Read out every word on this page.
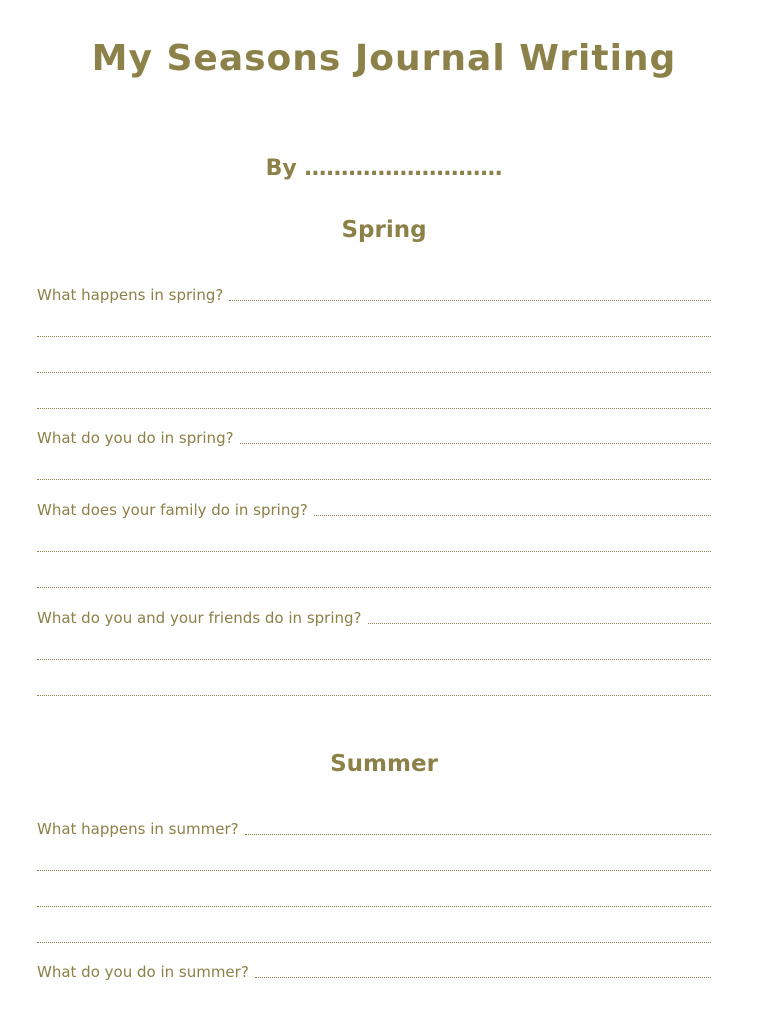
My Seasons Journal Writing
By ………………………
Spring
What happens in spring?
What do you do in spring?
What does your family do in spring?
What do you and your friends do in spring?
Summer
What happens in summer?
What do you do in summer?
